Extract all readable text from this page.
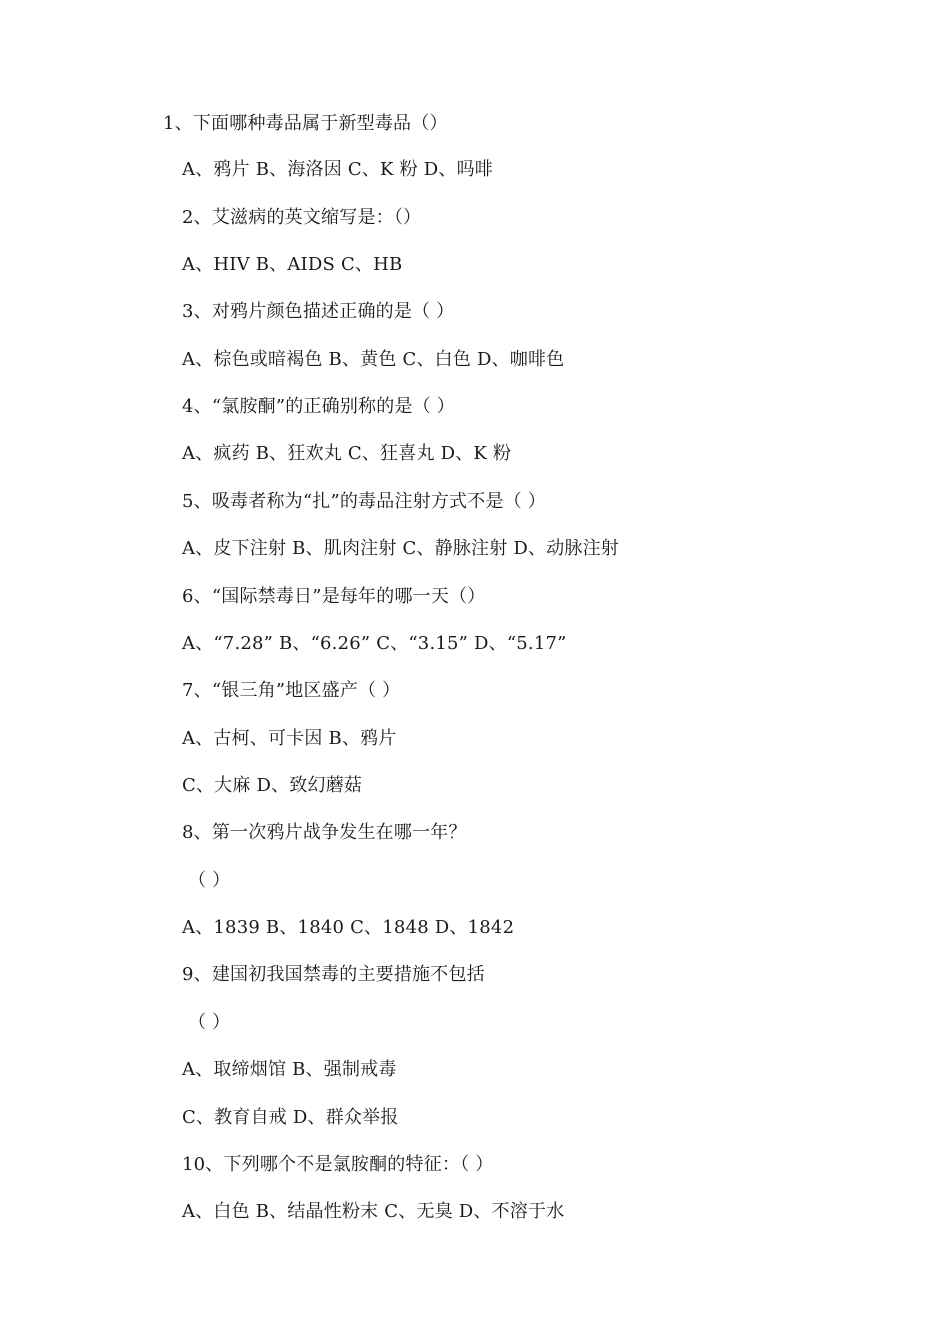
1、下面哪种毒品属于新型毒品（）
A、鸦片 B、海洛因 C、K 粉 D、吗啡
2、艾滋病的英文缩写是：（）
A、HIV B、AIDS C、HB
3、对鸦片颜色描述正确的是（ ）
A、棕色或暗褐色 B、黄色 C、白色 D、咖啡色
4、“氯胺酮”的正确别称的是（ ）
A、疯药 B、狂欢丸 C、狂喜丸 D、K 粉
5、吸毒者称为“扎”的毒品注射方式不是（ ）
A、皮下注射 B、肌肉注射 C、静脉注射 D、动脉注射
6、“国际禁毒日”是每年的哪一天（）
A、“7.28” B、“6.26” C、“3.15” D、“5.17”
7、“银三角”地区盛产（ ）
A、古柯、可卡因 B、鸦片
C、大麻 D、致幻蘑菇
8、第一次鸦片战争发生在哪一年？
（ ）
A、1839 B、1840 C、1848 D、1842
9、建国初我国禁毒的主要措施不包括
（ ）
A、取缔烟馆 B、强制戒毒
C、教育自戒 D、群众举报
10、下列哪个不是氯胺酮的特征：（ ）
A、白色 B、结晶性粉末 C、无臭 D、不溶于水
